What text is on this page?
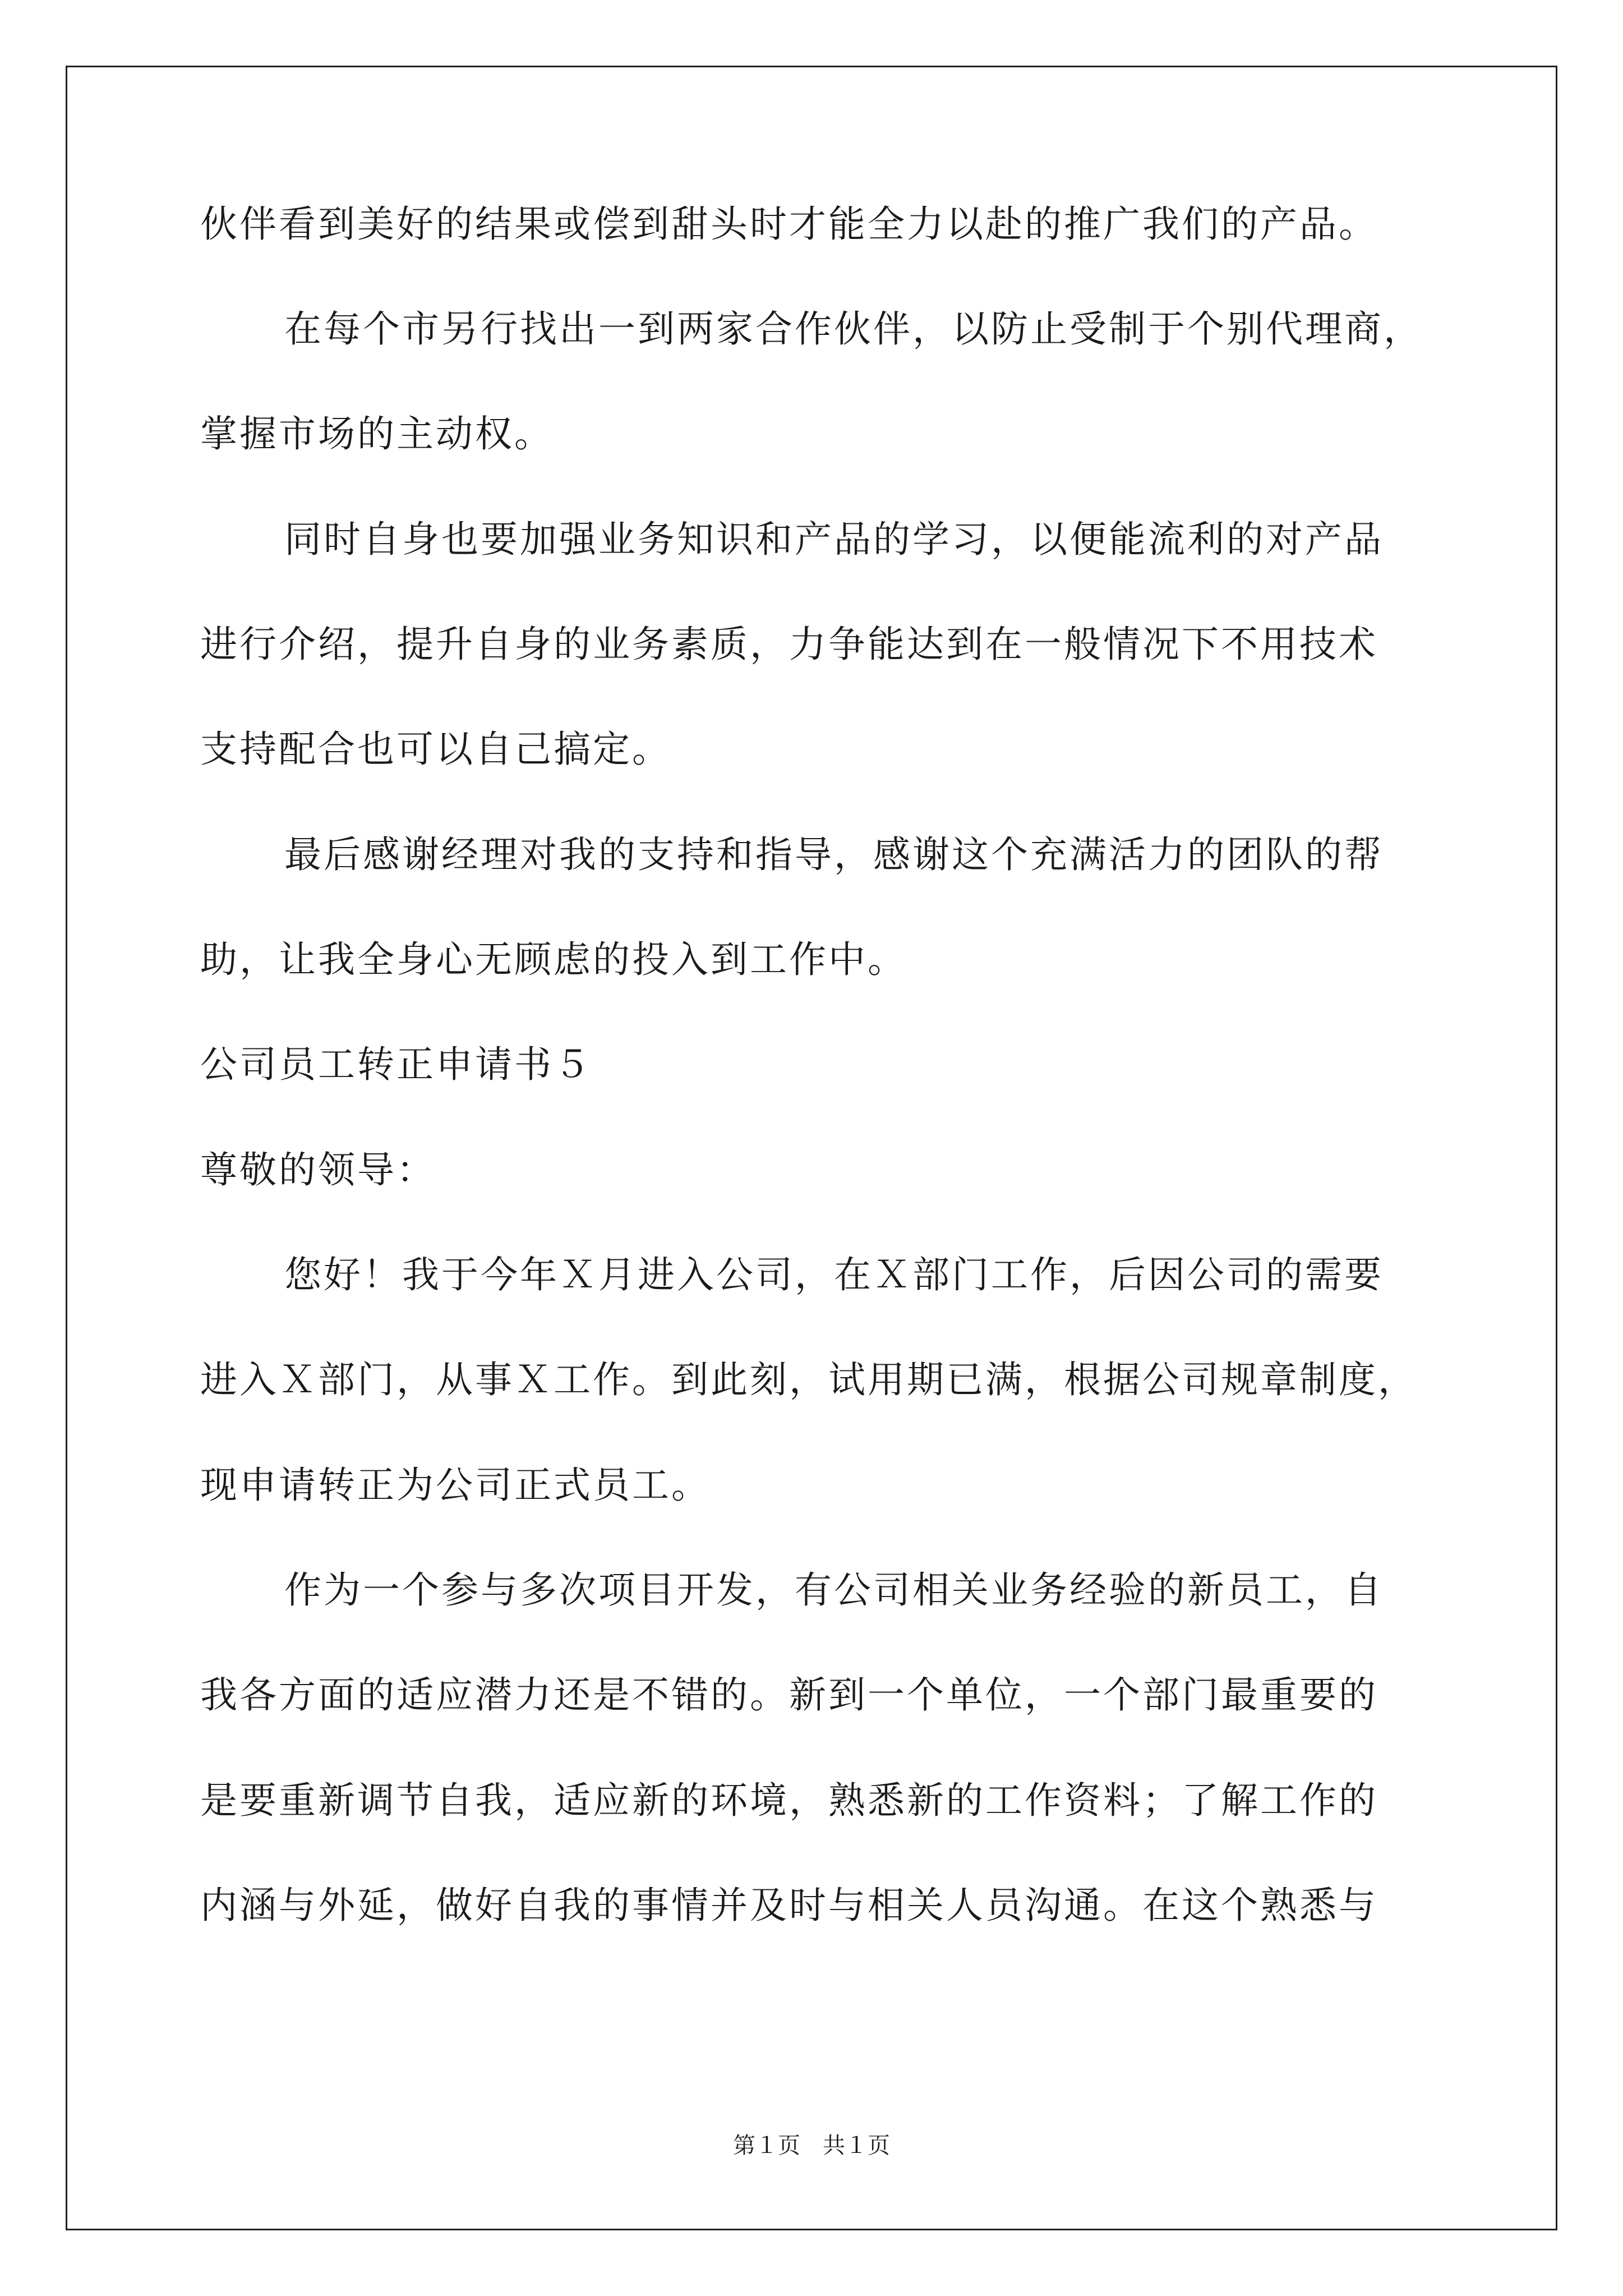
伙伴看到美好的结果或偿到甜头时才能全力以赴的推广我们的产品。
在每个市另行找出一到两家合作伙伴，以防止受制于个别代理商，
掌握市场的主动权。
同时自身也要加强业务知识和产品的学习，以便能流利的对产品
进行介绍，提升自身的业务素质，力争能达到在一般情况下不用技术
支持配合也可以自己搞定。
最后感谢经理对我的支持和指导，感谢这个充满活力的团队的帮
助，让我全身心无顾虑的投入到工作中。
公司员工转正申请书５
尊敬的领导：
您好！我于今年Ｘ月进入公司，在Ｘ部门工作，后因公司的需要
进入Ｘ部门，从事Ｘ工作。到此刻，试用期已满，根据公司规章制度，
现申请转正为公司正式员工。
作为一个参与多次项目开发，有公司相关业务经验的新员工，自
我各方面的适应潜力还是不错的。新到一个单位，一个部门最重要的
是要重新调节自我，适应新的环境，熟悉新的工作资料；了解工作的
内涵与外延，做好自我的事情并及时与相关人员沟通。在这个熟悉与
第１页　共１页
